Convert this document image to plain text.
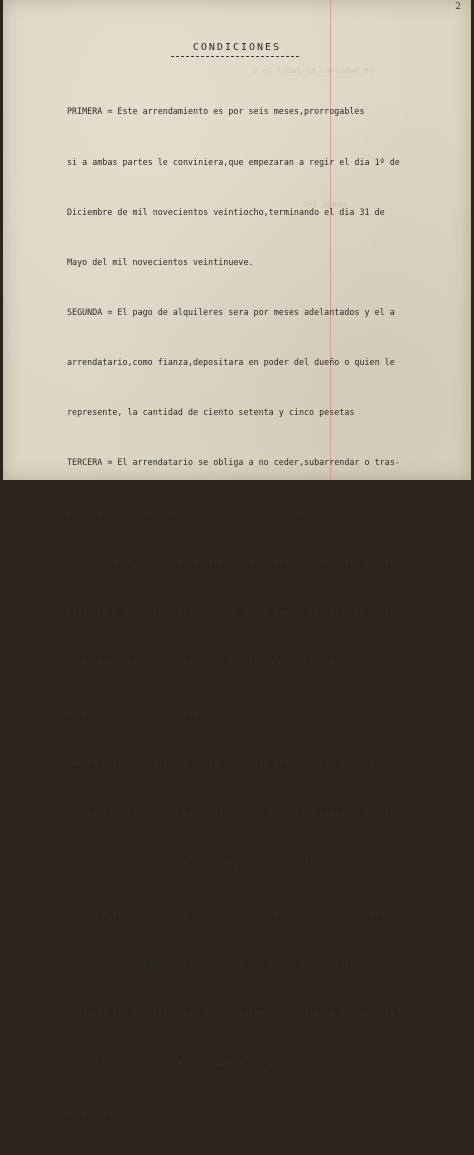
y el local la cantidad de
del dueño
2
CONDICIONES

PRIMERA = Este arrendamiento es por seis meses,prorrogables

si a ambas partes le conviniera,que empezaran a regir el dia 1º de

Diciembre de mil novecientos veintiocho,terminando el dia 31 de

Mayo del mil novecientos veintinueve.

SEGUNDA = El pago de alquileres sera por meses adelantados y el a

arrendatario,como fianza,depositara en poder del dueño o quien le

represente, la cantidad de ciento setenta y cinco pesetas

TERCERA = El arrendatario se obliga a no ceder,subarrendar o tras-

pasar,el todo o parte del local,a no hacer obra,variacion o insta-

lacion alguna,sin que para ello tenga autorizacion escrita del pro

pietario o quien le represente.Las obras que se hicieran en virtud

de esta autorizacion,quedaran a beneficio de la finca sin derecho

a reintegro de ninguna clase.

CUARTA = El arrendatario declara en este acto recibir el local -

corriente de todo y en buen estado,como es,solado,pinturas puertas

escaparate vidrieras,con herraje y cristales y llaves

QUINTA = El arrendatario declara tambien,que en dicho local existe

los accesorios siguientes propiedad del dueño.Una instalacion  com

pleta de luz electrica con sus portalamparas y llaves y una insta

lacion de agua,siendo el consumo de luz y agua por cuenta del -

arrendatario.
